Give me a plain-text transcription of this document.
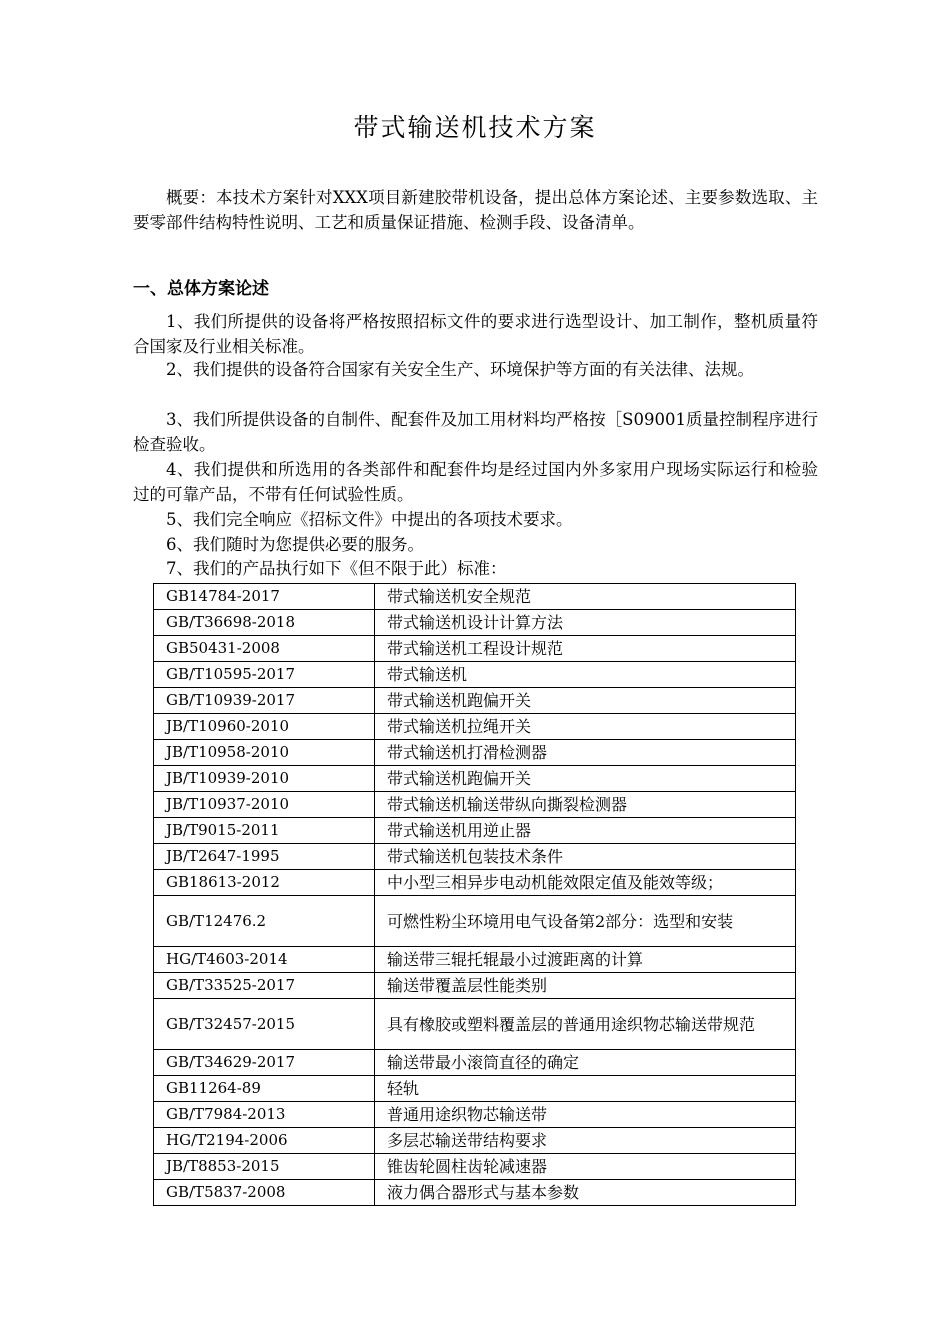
带式输送机技术方案

概要：本技术方案针对XXX项目新建胶带机设备，提出总体方案论述、主要参数选取、主要零部件结构特性说明、工艺和质量保证措施、检测手段、设备清单。

一、总体方案论述

1、我们所提供的设备将严格按照招标文件的要求进行选型设计、加工制作，整机质量符合国家及行业相关标准。

2、我们提供的设备符合国家有关安全生产、环境保护等方面的有关法律、法规。

3、我们所提供设备的自制件、配套件及加工用材料均严格按［S09001质量控制程序进行检查验收。

4、我们提供和所选用的各类部件和配套件均是经过国内外多家用户现场实际运行和检验过的可靠产品，不带有任何试验性质。

5、我们完全响应《招标文件》中提出的各项技术要求。

6、我们随时为您提供必要的服务。

7、我们的产品执行如下《但不限于此）标准：

GB14784-2017	带式输送机安全规范
GB/T36698-2018	带式输送机设计计算方法
GB50431-2008	带式输送机工程设计规范
GB/T10595-2017	带式输送机
GB/T10939-2017	带式输送机跑偏开关
JB/T10960-2010	带式输送机拉绳开关
JB/T10958-2010	带式输送机打滑检测器
JB/T10939-2010	带式输送机跑偏开关
JB/T10937-2010	带式输送机输送带纵向撕裂检测器
JB/T9015-2011	带式输送机用逆止器
JB/T2647-1995	带式输送机包装技术条件
GB18613-2012	中小型三相异步电动机能效限定值及能效等级；
GB/T12476.2	可燃性粉尘环境用电气设备第2部分：选型和安装
HG/T4603-2014	输送带三辊托辊最小过渡距离的计算
GB/T33525-2017	输送带覆盖层性能类别
GB/T32457-2015	具有橡胶或塑料覆盖层的普通用途织物芯输送带规范
GB/T34629-2017	输送带最小滚筒直径的确定
GB11264-89	轻轨
GB/T7984-2013	普通用途织物芯输送带
HG/T2194-2006	多层芯输送带结构要求
JB/T8853-2015	锥齿轮圆柱齿轮减速器
GB/T5837-2008	液力偶合器形式与基本参数
